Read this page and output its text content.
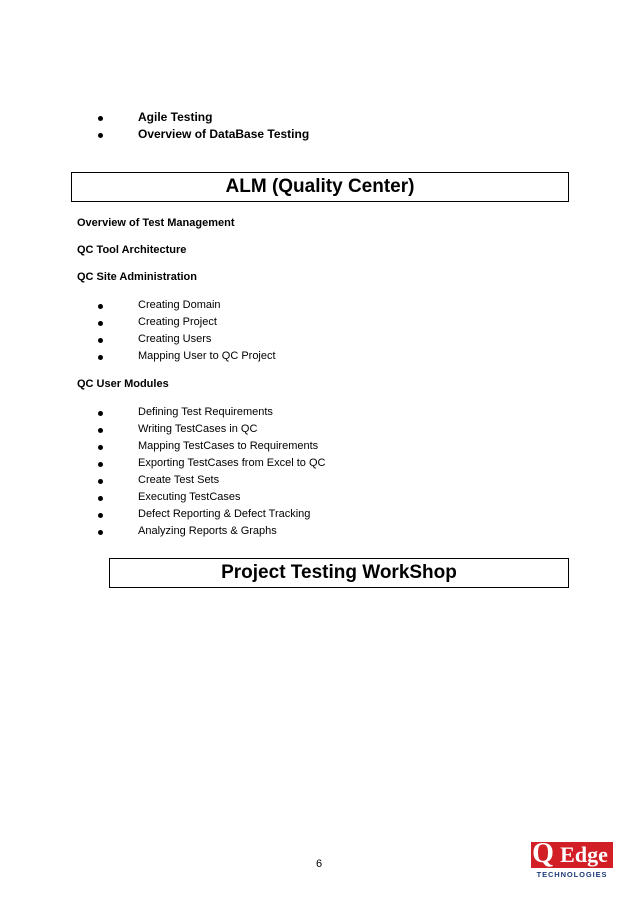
Agile Testing
Overview of DataBase Testing
ALM (Quality Center)
Overview of Test Management
QC Tool Architecture
QC Site Administration
Creating Domain
Creating Project
Creating Users
Mapping User to QC Project
QC User Modules
Defining Test Requirements
Writing TestCases in QC
Mapping TestCases to Requirements
Exporting TestCases from Excel to QC
Create Test Sets
Executing TestCases
Defect Reporting & Defect Tracking
Analyzing Reports & Graphs
Project Testing WorkShop
6	Q Edge
TECHNOLOGIES
